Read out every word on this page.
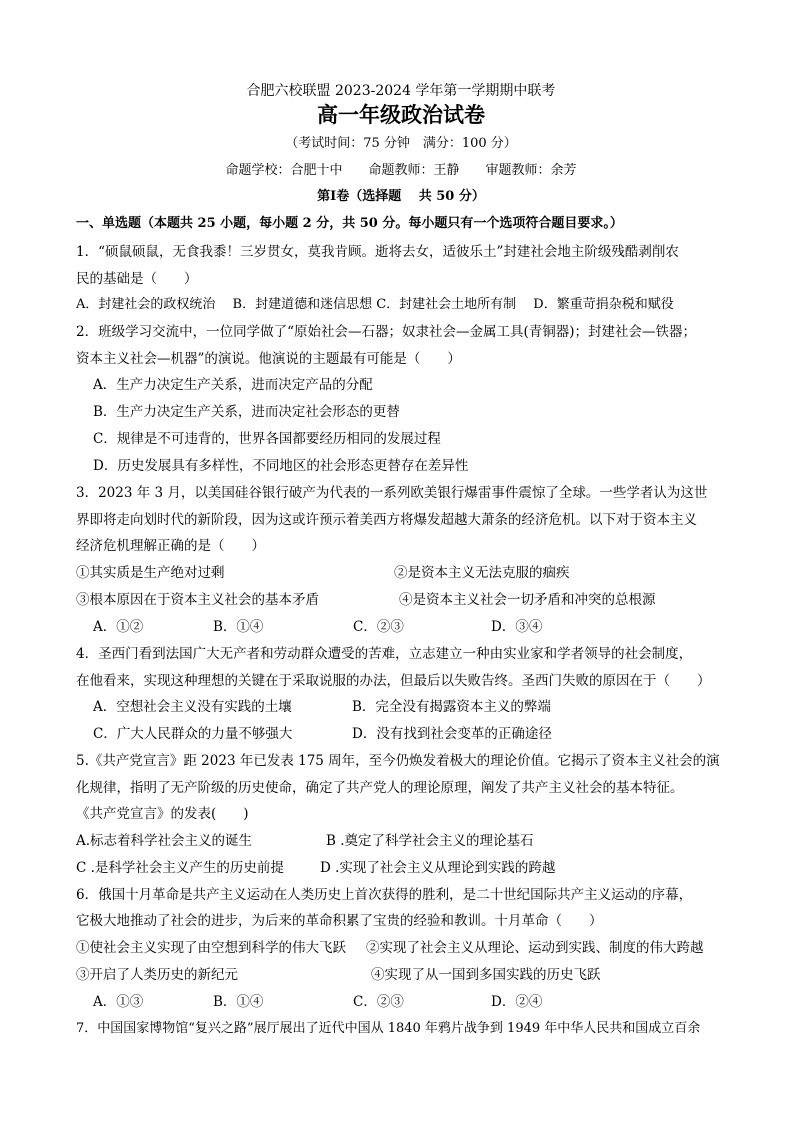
合肥六校联盟 2023-2024 学年第一学期期中联考
高一年级政治试卷
（考试时间：75 分钟　满分：100 分）
命题学校：合肥十中　　命题教师：王静　　审题教师：余芳
第Ⅰ卷（选择题　 共 50 分）
一、单选题（本题共 25 小题，每小题 2 分，共 50 分。每小题只有一个选项符合题目要求。）
1．“硕鼠硕鼠，无食我黍！三岁贯女，莫我肯顾。逝将去女，适彼乐土”封建社会地主阶级残酷剥削农
民的基础是（　　）
A．封建社会的政权统治　 B．封建道德和迷信思想 C．封建社会土地所有制　 D．繁重苛捐杂税和赋役
2．班级学习交流中，一位同学做了“原始社会—石器；奴隶社会—金属工具(青铜器)；封建社会—铁器；
资本主义社会—机器”的演说。他演说的主题最有可能是（　　）
A．生产力决定生产关系，进而决定产品的分配
B．生产力决定生产关系，进而决定社会形态的更替
C．规律是不可违背的，世界各国都要经历相同的发展过程
D．历史发展具有多样性，不同地区的社会形态更替存在差异性
3．2023 年 3 月，以美国硅谷银行破产为代表的一系列欧美银行爆雷事件震惊了全球。一些学者认为这世
界即将走向划时代的新阶段，因为这或许预示着美西方将爆发超越大萧条的经济危机。以下对于资本主义
经济危机理解正确的是（　　）
①其实质是生产绝对过剩	②是资本主义无法克服的痼疾
③根本原因在于资本主义社会的基本矛盾	④是资本主义社会一切矛盾和冲突的总根源
A．①②	B．①④	C．②③	D．③④
4．圣西门看到法国广大无产者和劳动群众遭受的苦难，立志建立一种由实业家和学者领导的社会制度，
在他看来，实现这种理想的关键在于采取说服的办法，但最后以失败告终。圣西门失败的原因在于（　　）
A．空想社会主义没有实践的土壤	B．完全没有揭露资本主义的弊端
C．广大人民群众的力量不够强大	D．没有找到社会变革的正确途径
5.《共产党宣言》距 2023 年已发表 175 周年，至今仍焕发着极大的理论价值。它揭示了资本主义社会的演
化规律，指明了无产阶级的历史使命，确定了共产党人的理论原理，阐发了共产主义社会的基本特征。
《共产党宣言》的发表(　　)
A.标志着科学社会主义的诞生	B .奠定了科学社会主义的理论基石
C .是科学社会主义产生的历史前提	D .实现了社会主义从理论到实践的跨越
6．俄国十月革命是共产主义运动在人类历史上首次获得的胜利，是二十世纪国际共产主义运动的序幕，
它极大地推动了社会的进步，为后来的革命积累了宝贵的经验和教训。十月革命（　　）
①使社会主义实现了由空想到科学的伟大飞跃 ②实现了社会主义从理论、运动到实践、制度的伟大跨越
③开启了人类历史的新纪元	④实现了从一国到多国实践的历史飞跃
A．①③	B．①④	C．②③	D．②④
7．中国国家博物馆“复兴之路”展厅展出了近代中国从 1840 年鸦片战争到 1949 年中华人民共和国成立百余
